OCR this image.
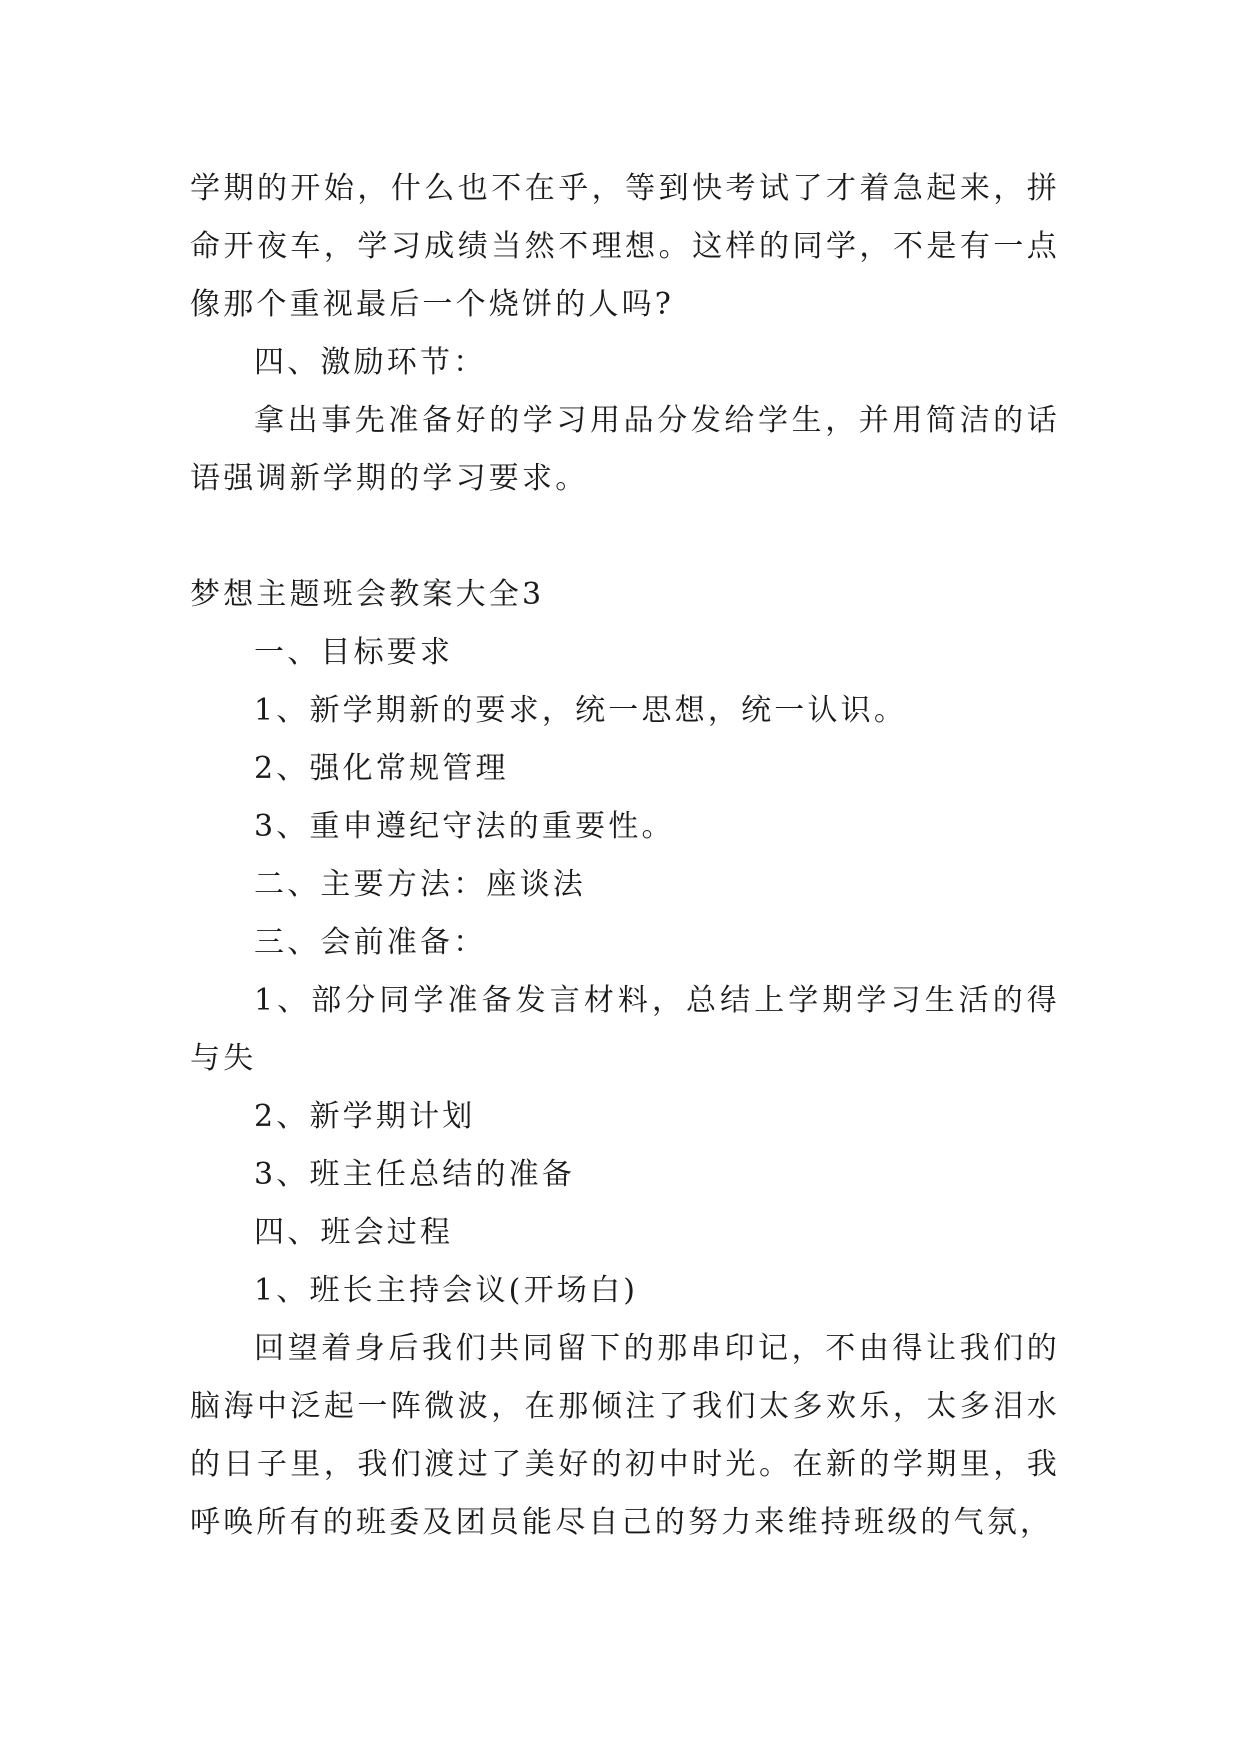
学期的开始，什么也不在乎，等到快考试了才着急起来，拼命开夜车，学习成绩当然不理想。这样的同学，不是有一点像那个重视最后一个烧饼的人吗?

四、激励环节：

拿出事先准备好的学习用品分发给学生，并用简洁的话语强调新学期的学习要求。

梦想主题班会教案大全3

一、目标要求

1、新学期新的要求，统一思想，统一认识。

2、强化常规管理

3、重申遵纪守法的重要性。

二、主要方法：座谈法

三、会前准备：

1、部分同学准备发言材料，总结上学期学习生活的得与失

2、新学期计划

3、班主任总结的准备

四、班会过程

1、班长主持会议(开场白)

回望着身后我们共同留下的那串印记，不由得让我们的脑海中泛起一阵微波，在那倾注了我们太多欢乐，太多泪水的日子里，我们渡过了美好的初中时光。在新的学期里，我呼唤所有的班委及团员能尽自己的努力来维持班级的气氛，
